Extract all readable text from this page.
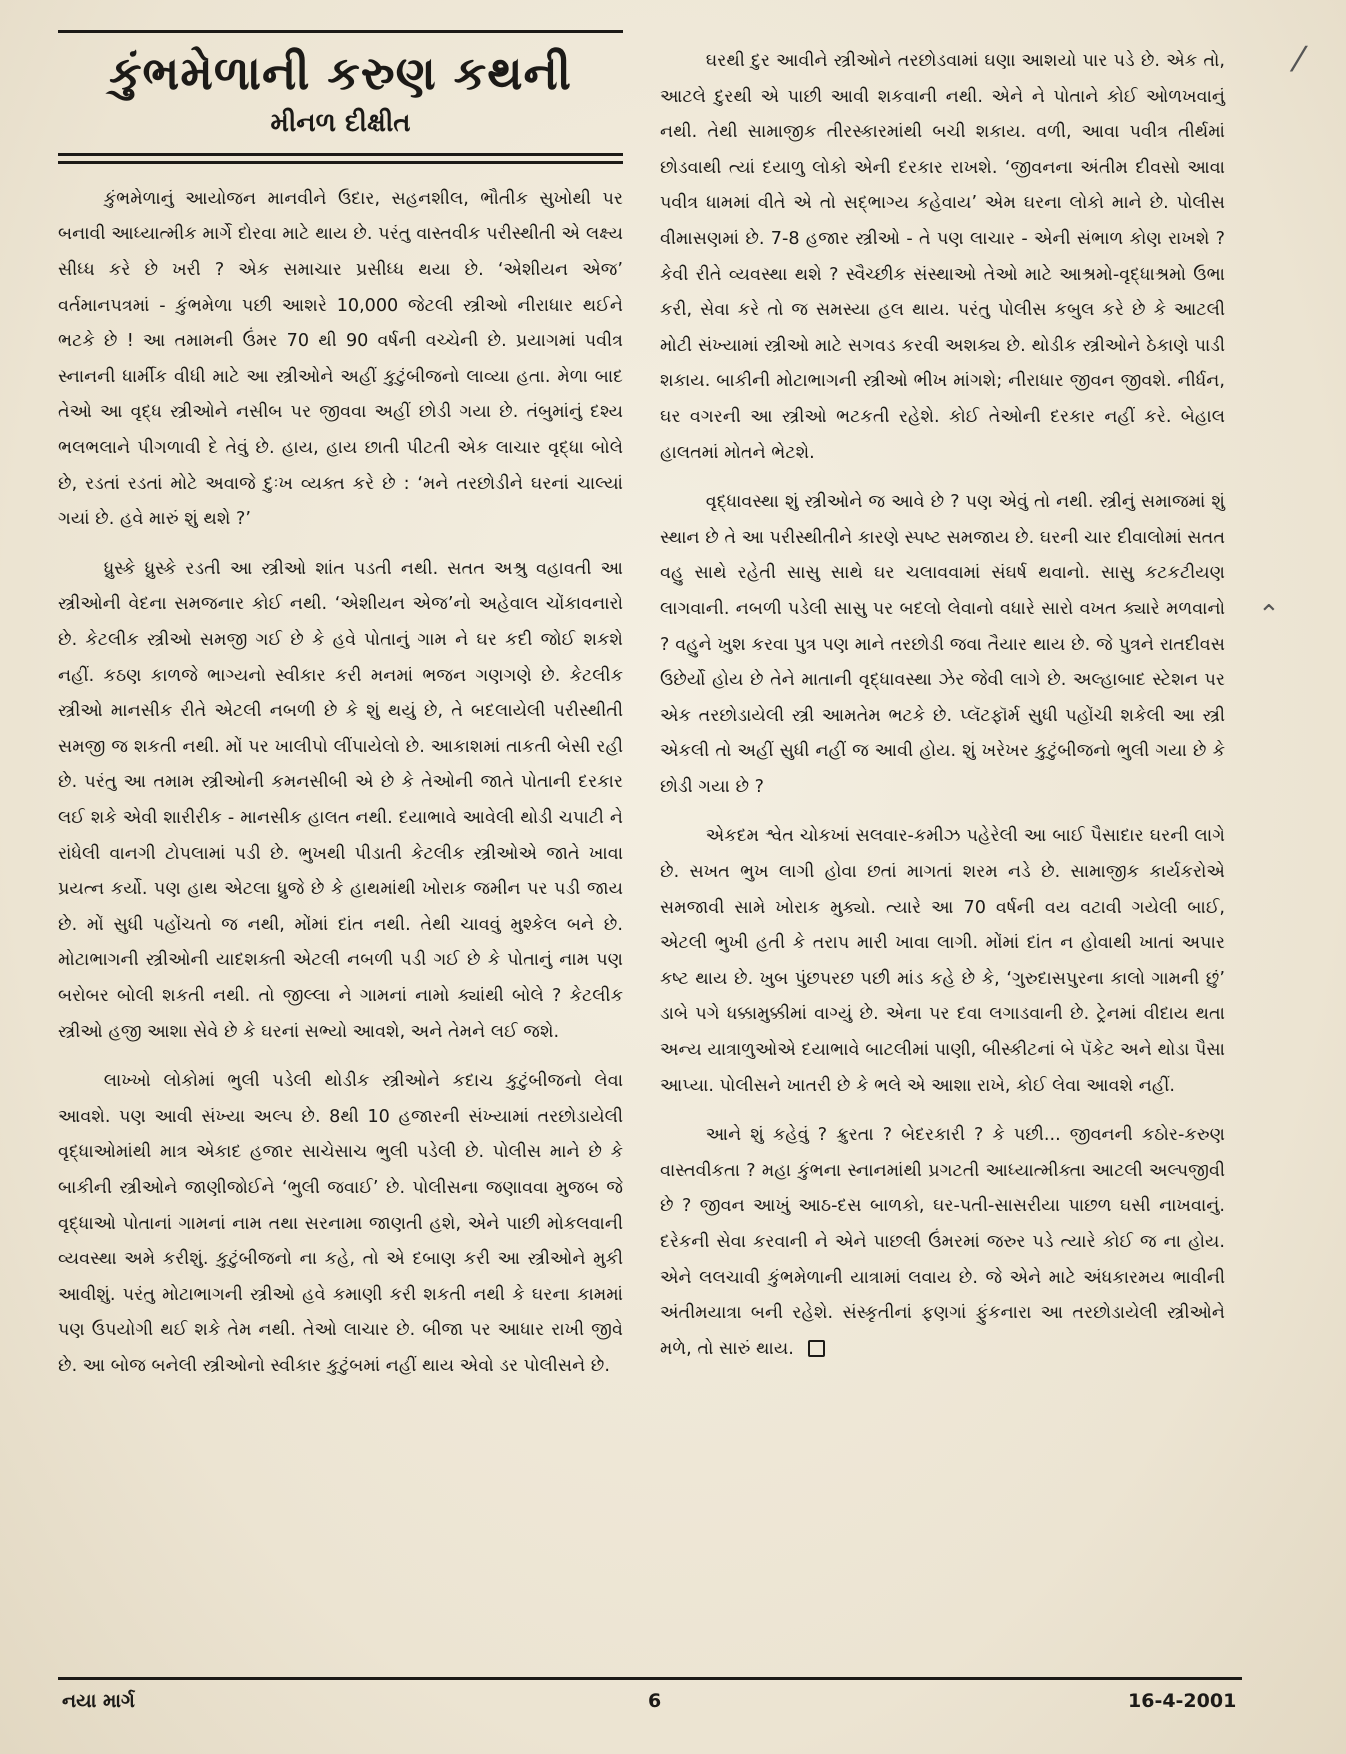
કુંભમેળાની કરુણ કથની
મીનળ દીક્ષીત

કુંભમેળાનું આયોજન માનવીને ઉદાર, સહનશીલ, ભૌતીક સુખોથી પર બનાવી આધ્યાત્મીક માર્ગે દોરવા માટે થાય છે. પરંતુ વાસ્તવીક પરીસ્થીતી એ લક્ષ્ય સીધ્ધ કરે છે ખરી ? એક સમાચાર પ્રસીધ્ધ થયા છે. ‘એશીયન એજ’ વર્તમાનપત્રમાં - કુંભમેળા પછી આશરે 10,000 જેટલી સ્ત્રીઓ નીરાધાર થઈને ભટકે છે ! આ તમામની ઉંમર 70 થી 90 વર્ષની વચ્ચેની છે. પ્રયાગમાં પવીત્ર સ્નાનની ધાર્મીક વીધી માટે આ સ્ત્રીઓને અહીં કુટુંબીજનો લાવ્યા હતા. મેળા બાદ તેઓ આ વૃદ્ધ સ્ત્રીઓને નસીબ પર જીવવા અહીં છોડી ગયા છે. તંબુમાંનું દશ્ય ભલભલાને પીગળાવી દે તેવું છે. હાય, હાય છાતી પીટતી એક લાચાર વૃદ્ધા બોલે છે, રડતાં રડતાં મોટે અવાજે દુઃખ વ્યક્ત કરે છે : ‘મને તરછોડીને ઘરનાં ચાલ્યાં ગયાં છે. હવે મારું શું થશે ?’

ધ્રુસ્કે ધ્રુસ્કે રડતી આ સ્ત્રીઓ શાંત પડતી નથી. સતત અશ્રુ વહાવતી આ સ્ત્રીઓની વેદના સમજનાર કોઈ નથી. ‘એશીયન એજ’નો અહેવાલ ચોંકાવનારો છે. કેટલીક સ્ત્રીઓ સમજી ગઈ છે કે હવે પોતાનું ગામ ને ઘર કદી જોઈ શકશે નહીં. કઠણ કાળજે ભાગ્યનો સ્વીકાર કરી મનમાં ભજન ગણગણે છે. કેટલીક સ્ત્રીઓ માનસીક રીતે એટલી નબળી છે કે શું થયું છે, તે બદલાયેલી પરીસ્થીતી સમજી જ શકતી નથી. મોં પર ખાલીપો લીંપાયેલો છે. આકાશમાં તાકતી બેસી રહી છે. પરંતુ આ તમામ સ્ત્રીઓની કમનસીબી એ છે કે તેઓની જાતે પોતાની દરકાર લઈ શકે એવી શારીરીક - માનસીક હાલત નથી. દયાભાવે આવેલી થોડી ચપાટી ને રાંધેલી વાનગી ટોપલામાં પડી છે. ભુખથી પીડાતી કેટલીક સ્ત્રીઓએ જાતે ખાવા પ્રયત્ન કર્યો. પણ હાથ એટલા ધ્રુજે છે કે હાથમાંથી ખોરાક જમીન પર પડી જાય છે. મોં સુધી પહોંચતો જ નથી, મોંમાં દાંત નથી. તેથી ચાવવું મુશ્કેલ બને છે. મોટાભાગની સ્ત્રીઓની યાદશક્તી એટલી નબળી પડી ગઈ છે કે પોતાનું નામ પણ બરોબર બોલી શકતી નથી. તો જીલ્લા ને ગામનાં નામો ક્યાંથી બોલે ? કેટલીક સ્ત્રીઓ હજી આશા સેવે છે કે ઘરનાં સભ્યો આવશે, અને તેમને લઈ જશે.

લાખ્ખો લોકોમાં ભુલી પડેલી થોડીક સ્ત્રીઓને કદાચ કુટુંબીજનો લેવા આવશે. પણ આવી સંખ્યા અલ્પ છે. 8થી 10 હજારની સંખ્યામાં તરછોડાયેલી વૃદ્ધાઓમાંથી માત્ર એકાદ હજાર સાચેસાચ ભુલી પડેલી છે. પોલીસ માને છે કે બાકીની સ્ત્રીઓને જાણીજોઈને ‘ભુલી જવાઈ’ છે. પોલીસના જણાવવા મુજબ જે વૃદ્ધાઓ પોતાનાં ગામનાં નામ તથા સરનામા જાણતી હશે, એને પાછી મોકલવાની વ્યવસ્થા અમે કરીશું. કુટુંબીજનો ના કહે, તો એ દબાણ કરી આ સ્ત્રીઓને મુકી આવીશું. પરંતુ મોટાભાગની સ્ત્રીઓ હવે કમાણી કરી શકતી નથી કે ઘરના કામમાં પણ ઉપયોગી થઈ શકે તેમ નથી. તેઓ લાચાર છે. બીજા પર આધાર રાખી જીવે છે. આ બોજ બનેલી સ્ત્રીઓનો સ્વીકાર કુટુંબમાં નહીં થાય એવો ડર પોલીસને છે.

ઘરથી દુર આવીને સ્ત્રીઓને તરછોડવામાં ઘણા આશયો પાર પડે છે. એક તો, આટલે દુરથી એ પાછી આવી શકવાની નથી. એને ને પોતાને કોઈ ઓળખવાનું નથી. તેથી સામાજીક તીરસ્કારમાંથી બચી શકાય. વળી, આવા પવીત્ર તીર્થમાં છોડવાથી ત્યાં દયાળુ લોકો એની દરકાર રાખશે. ‘જીવનના અંતીમ દીવસો આવા પવીત્ર ધામમાં વીતે એ તો સદ્ભાગ્ય કહેવાય’ એમ ઘરના લોકો માને છે. પોલીસ વીમાસણમાં છે. 7-8 હજાર સ્ત્રીઓ - તે પણ લાચાર - એની સંભાળ કોણ રાખશે ? કેવી રીતે વ્યવસ્થા થશે ? સ્વૈચ્છીક સંસ્થાઓ તેઓ માટે આશ્રમો-વૃદ્ધાશ્રમો ઉભા કરી, સેવા કરે તો જ સમસ્યા હલ થાય. પરંતુ પોલીસ કબુલ કરે છે કે આટલી મોટી સંખ્યામાં સ્ત્રીઓ માટે સગવડ કરવી અશક્ય છે. થોડીક સ્ત્રીઓને ઠેકાણે પાડી શકાય. બાકીની મોટાભાગની સ્ત્રીઓ ભીખ માંગશે; નીરાધાર જીવન જીવશે. નીર્ધન, ઘર વગરની આ સ્ત્રીઓ ભટકતી રહેશે. કોઈ તેઓની દરકાર નહીં કરે. બેહાલ હાલતમાં મોતને ભેટશે.

વૃદ્ધાવસ્થા શું સ્ત્રીઓને જ આવે છે ? પણ એવું તો નથી. સ્ત્રીનું સમાજમાં શું સ્થાન છે તે આ પરીસ્થીતીને કારણે સ્પષ્ટ સમજાય છે. ઘરની ચાર દીવાલોમાં સતત વહુ સાથે રહેતી સાસુ સાથે ઘર ચલાવવામાં સંઘર્ષ થવાનો. સાસુ કટકટીયણ લાગવાની. નબળી પડેલી સાસુ પર બદલો લેવાનો વધારે સારો વખત ક્યારે મળવાનો ? વહુને ખુશ કરવા પુત્ર પણ માને તરછોડી જવા તૈયાર થાય છે. જે પુત્રને રાતદીવસ ઉછેર્યો હોય છે તેને માતાની વૃદ્ધાવસ્થા ઝેર જેવી લાગે છે. અલ્હાબાદ સ્ટેશન પર એક તરછોડાયેલી સ્ત્રી આમતેમ ભટકે છે. પ્લૅટફૉર્મ સુધી પહોંચી શકેલી આ સ્ત્રી એકલી તો અહીં સુધી નહીં જ આવી હોય. શું ખરેખર કુટુંબીજનો ભુલી ગયા છે કે છોડી ગયા છે ?

એકદમ શ્વેત ચોકખાં સલવાર-કમીઝ પહેરેલી આ બાઈ પૈસાદાર ઘરની લાગે છે. સખત ભુખ લાગી હોવા છતાં માગતાં શરમ નડે છે. સામાજીક કાર્યકરોએ સમજાવી સામે ખોરાક મુક્યો. ત્યારે આ 70 વર્ષની વય વટાવી ગયેલી બાઈ, એટલી ભુખી હતી કે તરાપ મારી ખાવા લાગી. મોંમાં દાંત ન હોવાથી ખાતાં અપાર કષ્ટ થાય છે. ખુબ પુંછપરછ પછી માંડ કહે છે કે, ‘ગુરુદાસપુરના કાલો ગામની છું’ ડાબે પગે ધક્કામુક્કીમાં વાગ્યું છે. એના પર દવા લગાડવાની છે. ટ્રેનમાં વીદાય થતા અન્ય યાત્રાળુઓએ દયાભાવે બાટલીમાં પાણી, બીસ્કીટનાં બે પૅકેટ અને થોડા પૈસા આપ્યા. પોલીસને ખાતરી છે કે ભલે એ આશા રાખે, કોઈ લેવા આવશે નહીં.

આને શું કહેવું ? ક્રુરતા ? બેદરકારી ? કે પછી... જીવનની કઠોર-કરુણ વાસ્તવીકતા ? મહા કુંભના સ્નાનમાંથી પ્રગટતી આધ્યાત્મીક્તા આટલી અલ્પજીવી છે ? જીવન આખું આઠ-દસ બાળકો, ઘર-પતી-સાસરીયા પાછળ ઘસી નાખવાનું. દરેકની સેવા કરવાની ને એને પાછલી ઉંમરમાં જરુર પડે ત્યારે કોઈ જ ના હોય. એને લલચાવી કુંભમેળાની યાત્રામાં લવાય છે. જે એને માટે અંધકારમય ભાવીની અંતીમયાત્રા બની રહેશે. સંસ્કૃતીનાં ફણગાં ફુંકનારા આ તરછોડાયેલી સ્ત્રીઓને મળે, તો સારું થાય.

નયા માર્ગ	6	16-4-2001
⁄
⌃
